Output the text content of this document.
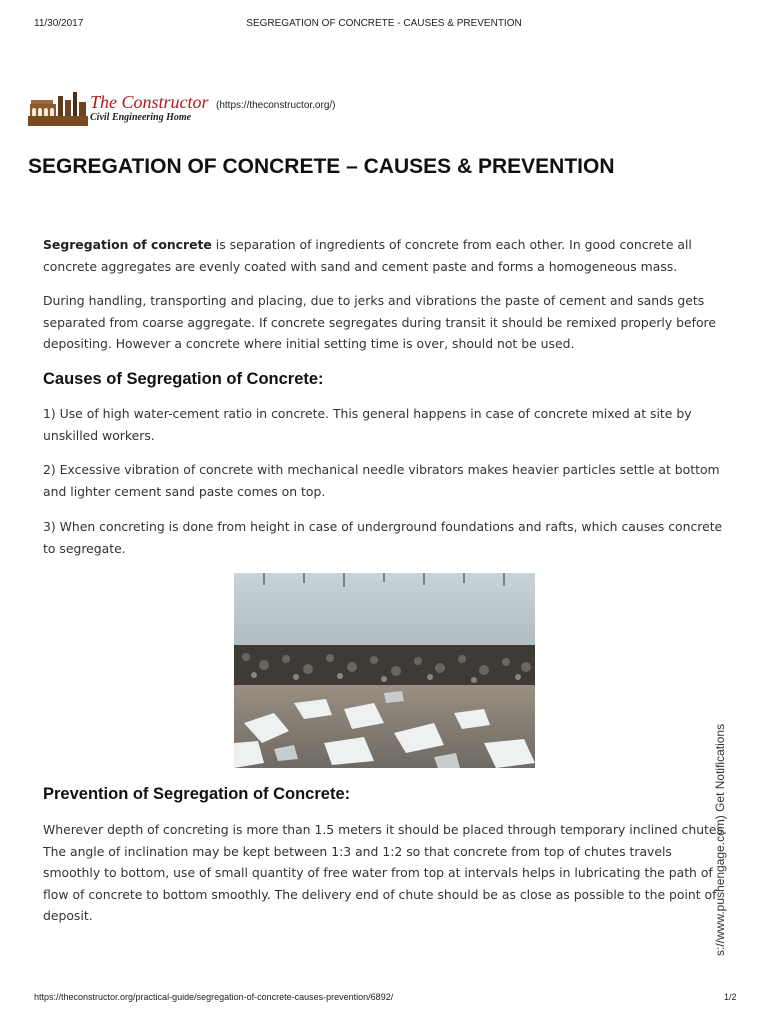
11/30/2017	SEGREGATION OF CONCRETE - CAUSES & PREVENTION
The Constructor
Civil Engineering Home
(https://theconstructor.org/)
SEGREGATION OF CONCRETE – CAUSES & PREVENTION

Segregation of concrete is separation of ingredients of concrete from each other. In good concrete all concrete aggregates are evenly coated with sand and cement paste and forms a homogeneous mass.

During handling, transporting and placing, due to jerks and vibrations the paste of cement and sands gets separated from coarse aggregate. If concrete segregates during transit it should be remixed properly before depositing. However a concrete where initial setting time is over, should not be used.

Causes of Segregation of Concrete:

1) Use of high water-cement ratio in concrete. This general happens in case of concrete mixed at site by unskilled workers.

2) Excessive vibration of concrete with mechanical needle vibrators makes heavier particles settle at bottom and lighter cement sand paste comes on top.

3) When concreting is done from height in case of underground foundations and rafts, which causes concrete to segregate.

Prevention of Segregation of Concrete:

Wherever depth of concreting is more than 1.5 meters it should be placed through temporary inclined chutes. The angle of inclination may be kept between 1:3 and 1:2 so that concrete from top of chutes travels smoothly to bottom, use of small quantity of free water from top at intervals helps in lubricating the path of flow of concrete to bottom smoothly. The delivery end of chute should be as close as possible to the point of deposit.	s://www.pushengage.com) Get Notifications
https://theconstructor.org/practical-guide/segregation-of-concrete-causes-prevention/6892/	1/2
